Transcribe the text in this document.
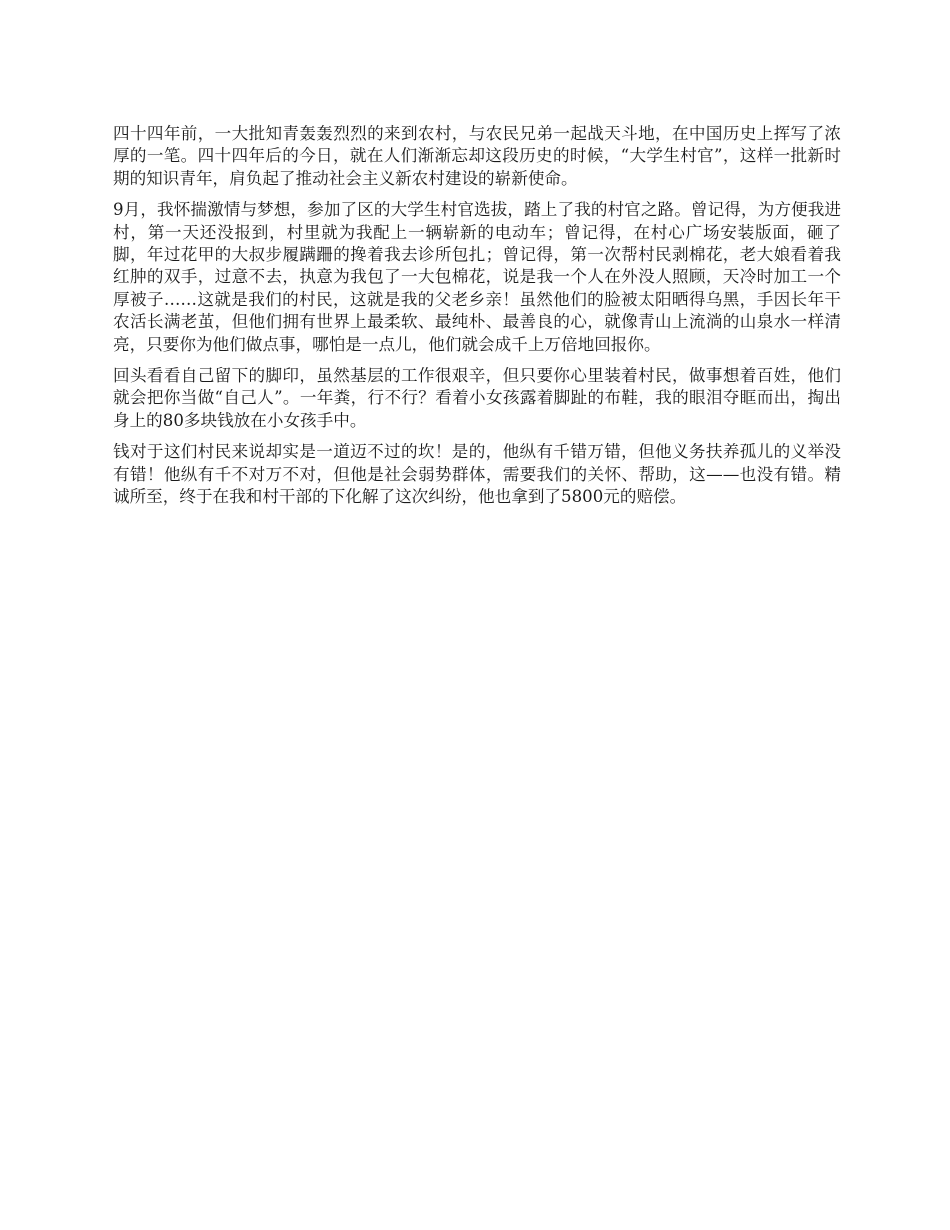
四十四年前，一大批知青轰轰烈烈的来到农村，与农民兄弟一起战天斗地，在中国历史上挥写了浓厚的一笔。四十四年后的今日，就在人们渐渐忘却这段历史的时候，“大学生村官”，这样一批新时期的知识青年，肩负起了推动社会主义新农村建设的崭新使命。

9月，我怀揣激情与梦想，参加了区的大学生村官选拔，踏上了我的村官之路。曾记得，为方便我进村，第一天还没报到，村里就为我配上一辆崭新的电动车；曾记得，在村心广场安装版面，砸了脚，年过花甲的大叔步履蹒跚的搀着我去诊所包扎；曾记得，第一次帮村民剥棉花，老大娘看着我红肿的双手，过意不去，执意为我包了一大包棉花，说是我一个人在外没人照顾，天冷时加工一个厚被子……这就是我们的村民，这就是我的父老乡亲！虽然他们的脸被太阳晒得乌黑，手因长年干农活长满老茧，但他们拥有世界上最柔软、最纯朴、最善良的心，就像青山上流淌的山泉水一样清亮，只要你为他们做点事，哪怕是一点儿，他们就会成千上万倍地回报你。

回头看看自己留下的脚印，虽然基层的工作很艰辛，但只要你心里装着村民，做事想着百姓，他们就会把你当做“自己人”。一年粪，行不行？看着小女孩露着脚趾的布鞋，我的眼泪夺眶而出，掏出身上的80多块钱放在小女孩手中。

钱对于这们村民来说却实是一道迈不过的坎！是的，他纵有千错万错，但他义务扶养孤儿的义举没有错！他纵有千不对万不对，但他是社会弱势群体，需要我们的关怀、帮助，这——也没有错。精诚所至，终于在我和村干部的下化解了这次纠纷，他也拿到了5800元的赔偿。
